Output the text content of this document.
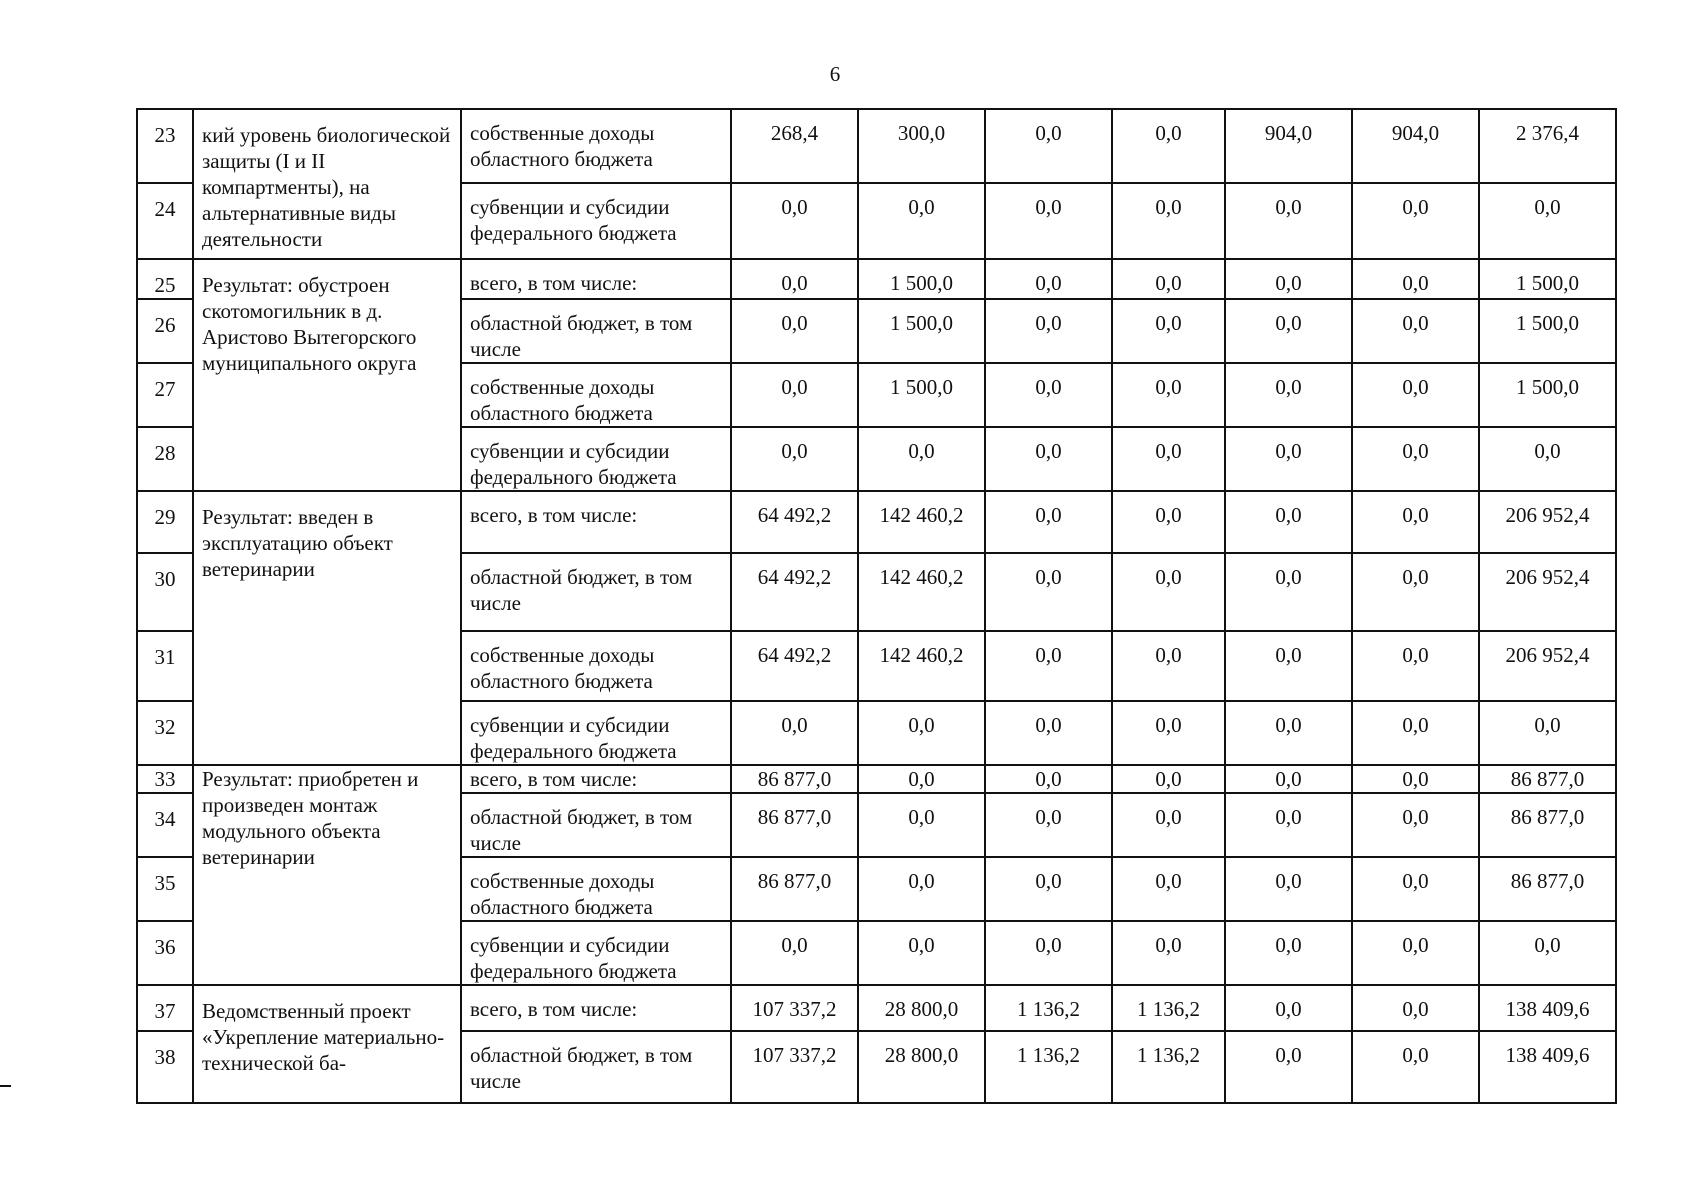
6
23	кий уровень биологической защиты (I и II компартменты), на альтернативные виды деятельности	собственные доходы областного бюджета	268,4	300,0	0,0	0,0	904,0	904,0	2 376,4
24		субвенции и субсидии федерального бюджета	0,0	0,0	0,0	0,0	0,0	0,0	0,0
25	Результат: обустроен скотомогильник в д. Аристово Вытегорского муниципального округа	всего, в том числе:	0,0	1 500,0	0,0	0,0	0,0	0,0	1 500,0
26		областной бюджет, в том числе	0,0	1 500,0	0,0	0,0	0,0	0,0	1 500,0
27		собственные доходы областного бюджета	0,0	1 500,0	0,0	0,0	0,0	0,0	1 500,0
28		субвенции и субсидии федерального бюджета	0,0	0,0	0,0	0,0	0,0	0,0	0,0
29	Результат: введен в эксплуатацию объект ветеринарии	всего, в том числе:	64 492,2	142 460,2	0,0	0,0	0,0	0,0	206 952,4
30		областной бюджет, в том числе	64 492,2	142 460,2	0,0	0,0	0,0	0,0	206 952,4
31		собственные доходы областного бюджета	64 492,2	142 460,2	0,0	0,0	0,0	0,0	206 952,4
32		субвенции и субсидии федерального бюджета	0,0	0,0	0,0	0,0	0,0	0,0	0,0
33	Результат: приобретен и произведен монтаж модульного объекта ветеринарии	всего, в том числе:	86 877,0	0,0	0,0	0,0	0,0	0,0	86 877,0
34		областной бюджет, в том числе	86 877,0	0,0	0,0	0,0	0,0	0,0	86 877,0
35		собственные доходы областного бюджета	86 877,0	0,0	0,0	0,0	0,0	0,0	86 877,0
36		субвенции и субсидии федерального бюджета	0,0	0,0	0,0	0,0	0,0	0,0	0,0
37	Ведомственный проект «Укрепление материально-технической ба-	всего, в том числе:	107 337,2	28 800,0	1 136,2	1 136,2	0,0	0,0	138 409,6
38		областной бюджет, в том числе	107 337,2	28 800,0	1 136,2	1 136,2	0,0	0,0	138 409,6
